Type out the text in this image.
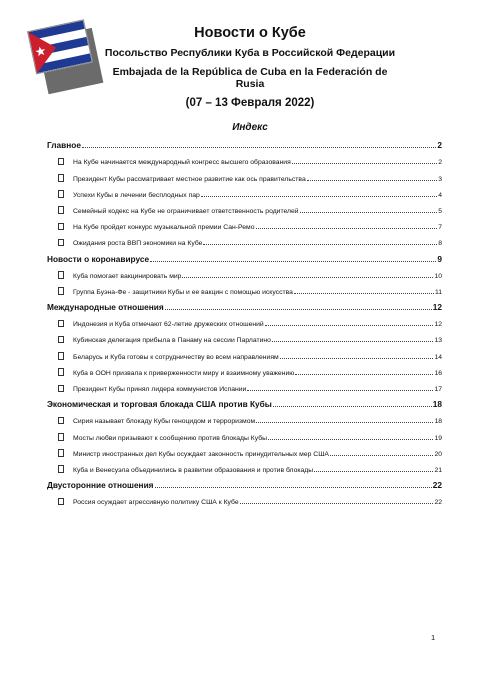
Новости о Кубе
Посольство Республики Куба в Российской Федерации
Embajada de la República de Cuba en la Federación de Rusia
(07 – 13 Февраля 2022)
Индекс
Главное	2
На Кубе начинается международный конгресс высшего образования	2
Президент Кубы рассматривает местное развитие как ось правительства	3
Успехи Кубы в лечении бесплодных пар	4
Семейный кодекс на Кубе не ограничивает ответственность родителей	5
На Кубе пройдет конкурс музыкальной премии Сан-Ремо	7
Ожидания роста ВВП экономики на Кубе	8
Новости о коронавирусе	9
Куба помогает вакцинировать мир	10
Группа Буэна-Фе - защитники Кубы и ее вакцин с помощью искусства	11
Международные отношения	12
Индонезия и Куба отмечают 62-летие дружеских отношений	12
Кубинская делегация прибыла в Панаму на сессии Парлатино	13
Беларусь и Куба готовы к сотрудничеству во всем направлениям	14
Куба в ООН призвала к приверженности миру и взаимному уважению	16
Президент Кубы принял лидера коммунистов Испании	17
Экономическая и торговая блокада США против Кубы	18
Сирия называет блокаду Кубы геноцидом и терроризмом	18
Мосты любви призывают к сообщению против блокады Кубы	19
Министр иностранных дел Кубы осуждает законность принудительных мер США	20
Куба и Венесуэла объединились в развитии образования и против блокады	21
Двусторонние отношения	22
Россия осуждает агрессивную политику США к Кубе	22
1
